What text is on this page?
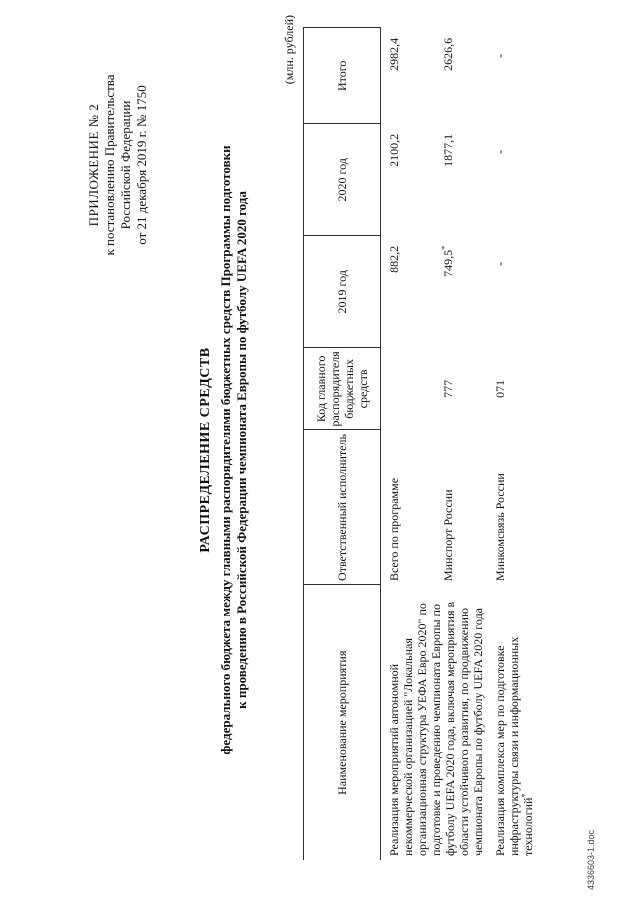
ПРИЛОЖЕНИЕ № 2 к постановлению Правительства Российской Федерации от 21 декабря 2019 г. № 1750
РАСПРЕДЕЛЕНИЕ СРЕДСТВ федерального бюджета между главными распорядителями бюджетных средств Программы подготовки к проведению в Российской Федерации чемпионата Европы по футболу UEFA 2020 года
(млн. рублей)
Наименование мероприятия	Ответственный исполнитель	Код главного распорядителя бюджетных средств	2019 год	2020 год	Итого
Реализация мероприятий автономной некоммерческой организацией "Локальная организационная структура УЕФА Евро 2020" по подготовке и проведению чемпионата Европы по футболу UEFA 2020 года, включая мероприятия в области устойчивого развития, по продвижению чемпионата Европы по футболу UEFA 2020 года	Всего по программе		882,2	2100,2	2982,4
	Минспорт России	777	749,5*	1877,1	2626,6
Реализация комплекса мер по подготовке инфраструктуры связи и информационных технологий*	Минкомсвязь России	071	-	-	-
4336603-1.doc
